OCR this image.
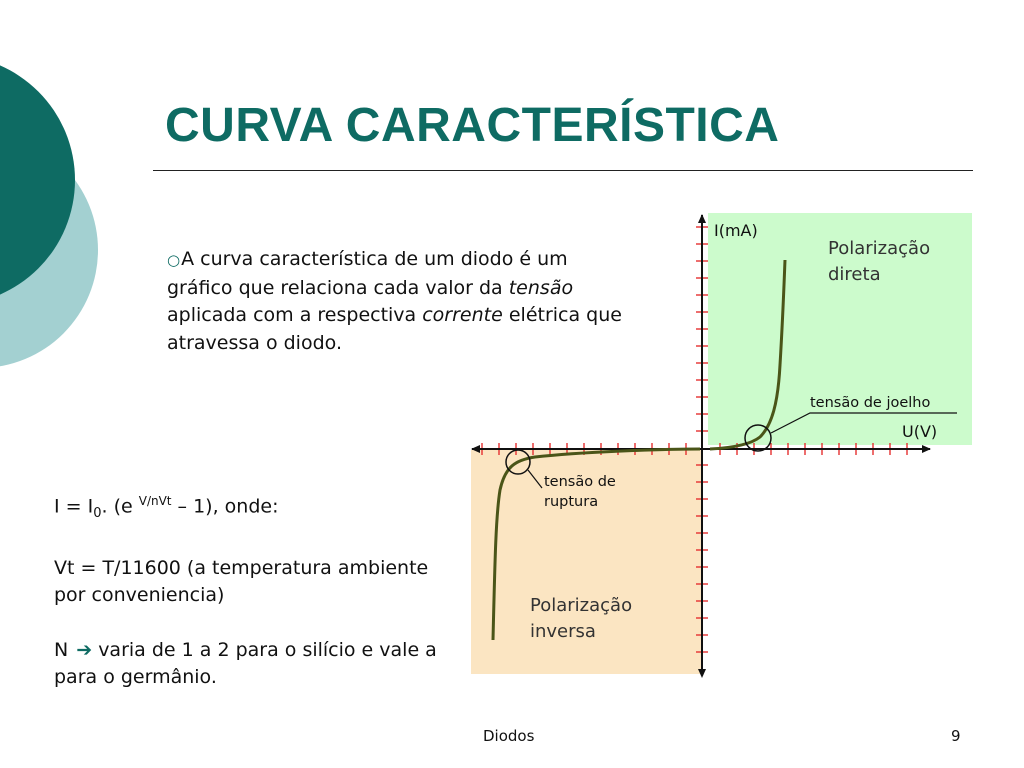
CURVA CARACTERÍSTICA
○A curva característica de um diodo é um gráfico que relaciona cada valor da tensão aplicada com a respectiva corrente elétrica que atravessa o diodo.

$I = I_0$. (e $^{V/nVt}$ – 1), onde:

Vt = T/11600 (a temperatura ambiente por conveniencia)

N ➔ varia de 1 a 2 para o silício e vale a para o germânio.

I(mA)
U(V)
Polarização
direta
tensão de joelho
tensão de
ruptura
Polarização
inversa
Diodos	9
